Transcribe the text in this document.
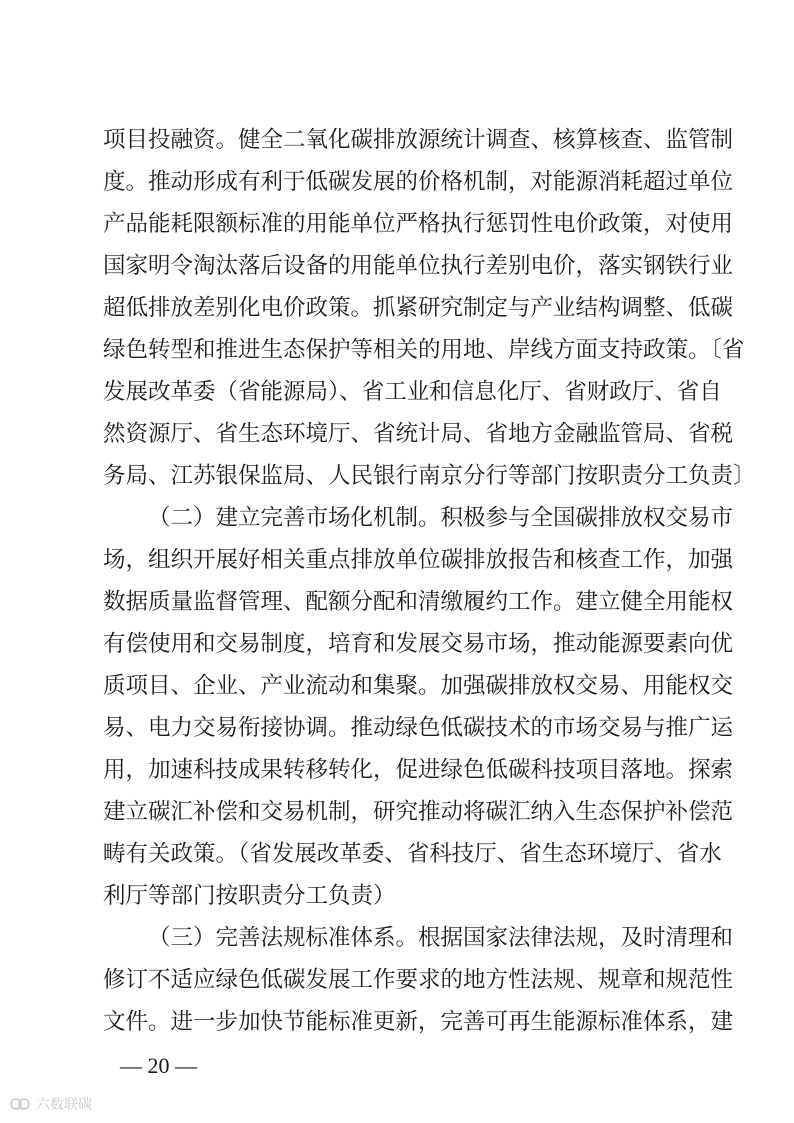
项目投融资。健全二氧化碳排放源统计调查、核算核查、监管制
度。推动形成有利于低碳发展的价格机制，对能源消耗超过单位
产品能耗限额标准的用能单位严格执行惩罚性电价政策，对使用
国家明令淘汰落后设备的用能单位执行差别电价，落实钢铁行业
超低排放差别化电价政策。抓紧研究制定与产业结构调整、低碳
绿色转型和推进生态保护等相关的用地、岸线方面支持政策。〔省
发展改革委（省能源局）、省工业和信息化厅、省财政厅、省自
然资源厅、省生态环境厅、省统计局、省地方金融监管局、省税
务局、江苏银保监局、人民银行南京分行等部门按职责分工负责〕
（二）建立完善市场化机制。积极参与全国碳排放权交易市
场，组织开展好相关重点排放单位碳排放报告和核查工作，加强
数据质量监督管理、配额分配和清缴履约工作。建立健全用能权
有偿使用和交易制度，培育和发展交易市场，推动能源要素向优
质项目、企业、产业流动和集聚。加强碳排放权交易、用能权交
易、电力交易衔接协调。推动绿色低碳技术的市场交易与推广运
用，加速科技成果转移转化，促进绿色低碳科技项目落地。探索
建立碳汇补偿和交易机制，研究推动将碳汇纳入生态保护补偿范
畴有关政策。（省发展改革委、省科技厅、省生态环境厅、省水
利厅等部门按职责分工负责）
（三）完善法规标准体系。根据国家法律法规，及时清理和
修订不适应绿色低碳发展工作要求的地方性法规、规章和规范性
文件。进一步加快节能标准更新，完善可再生能源标准体系，建
— 20 —
六数联碳
